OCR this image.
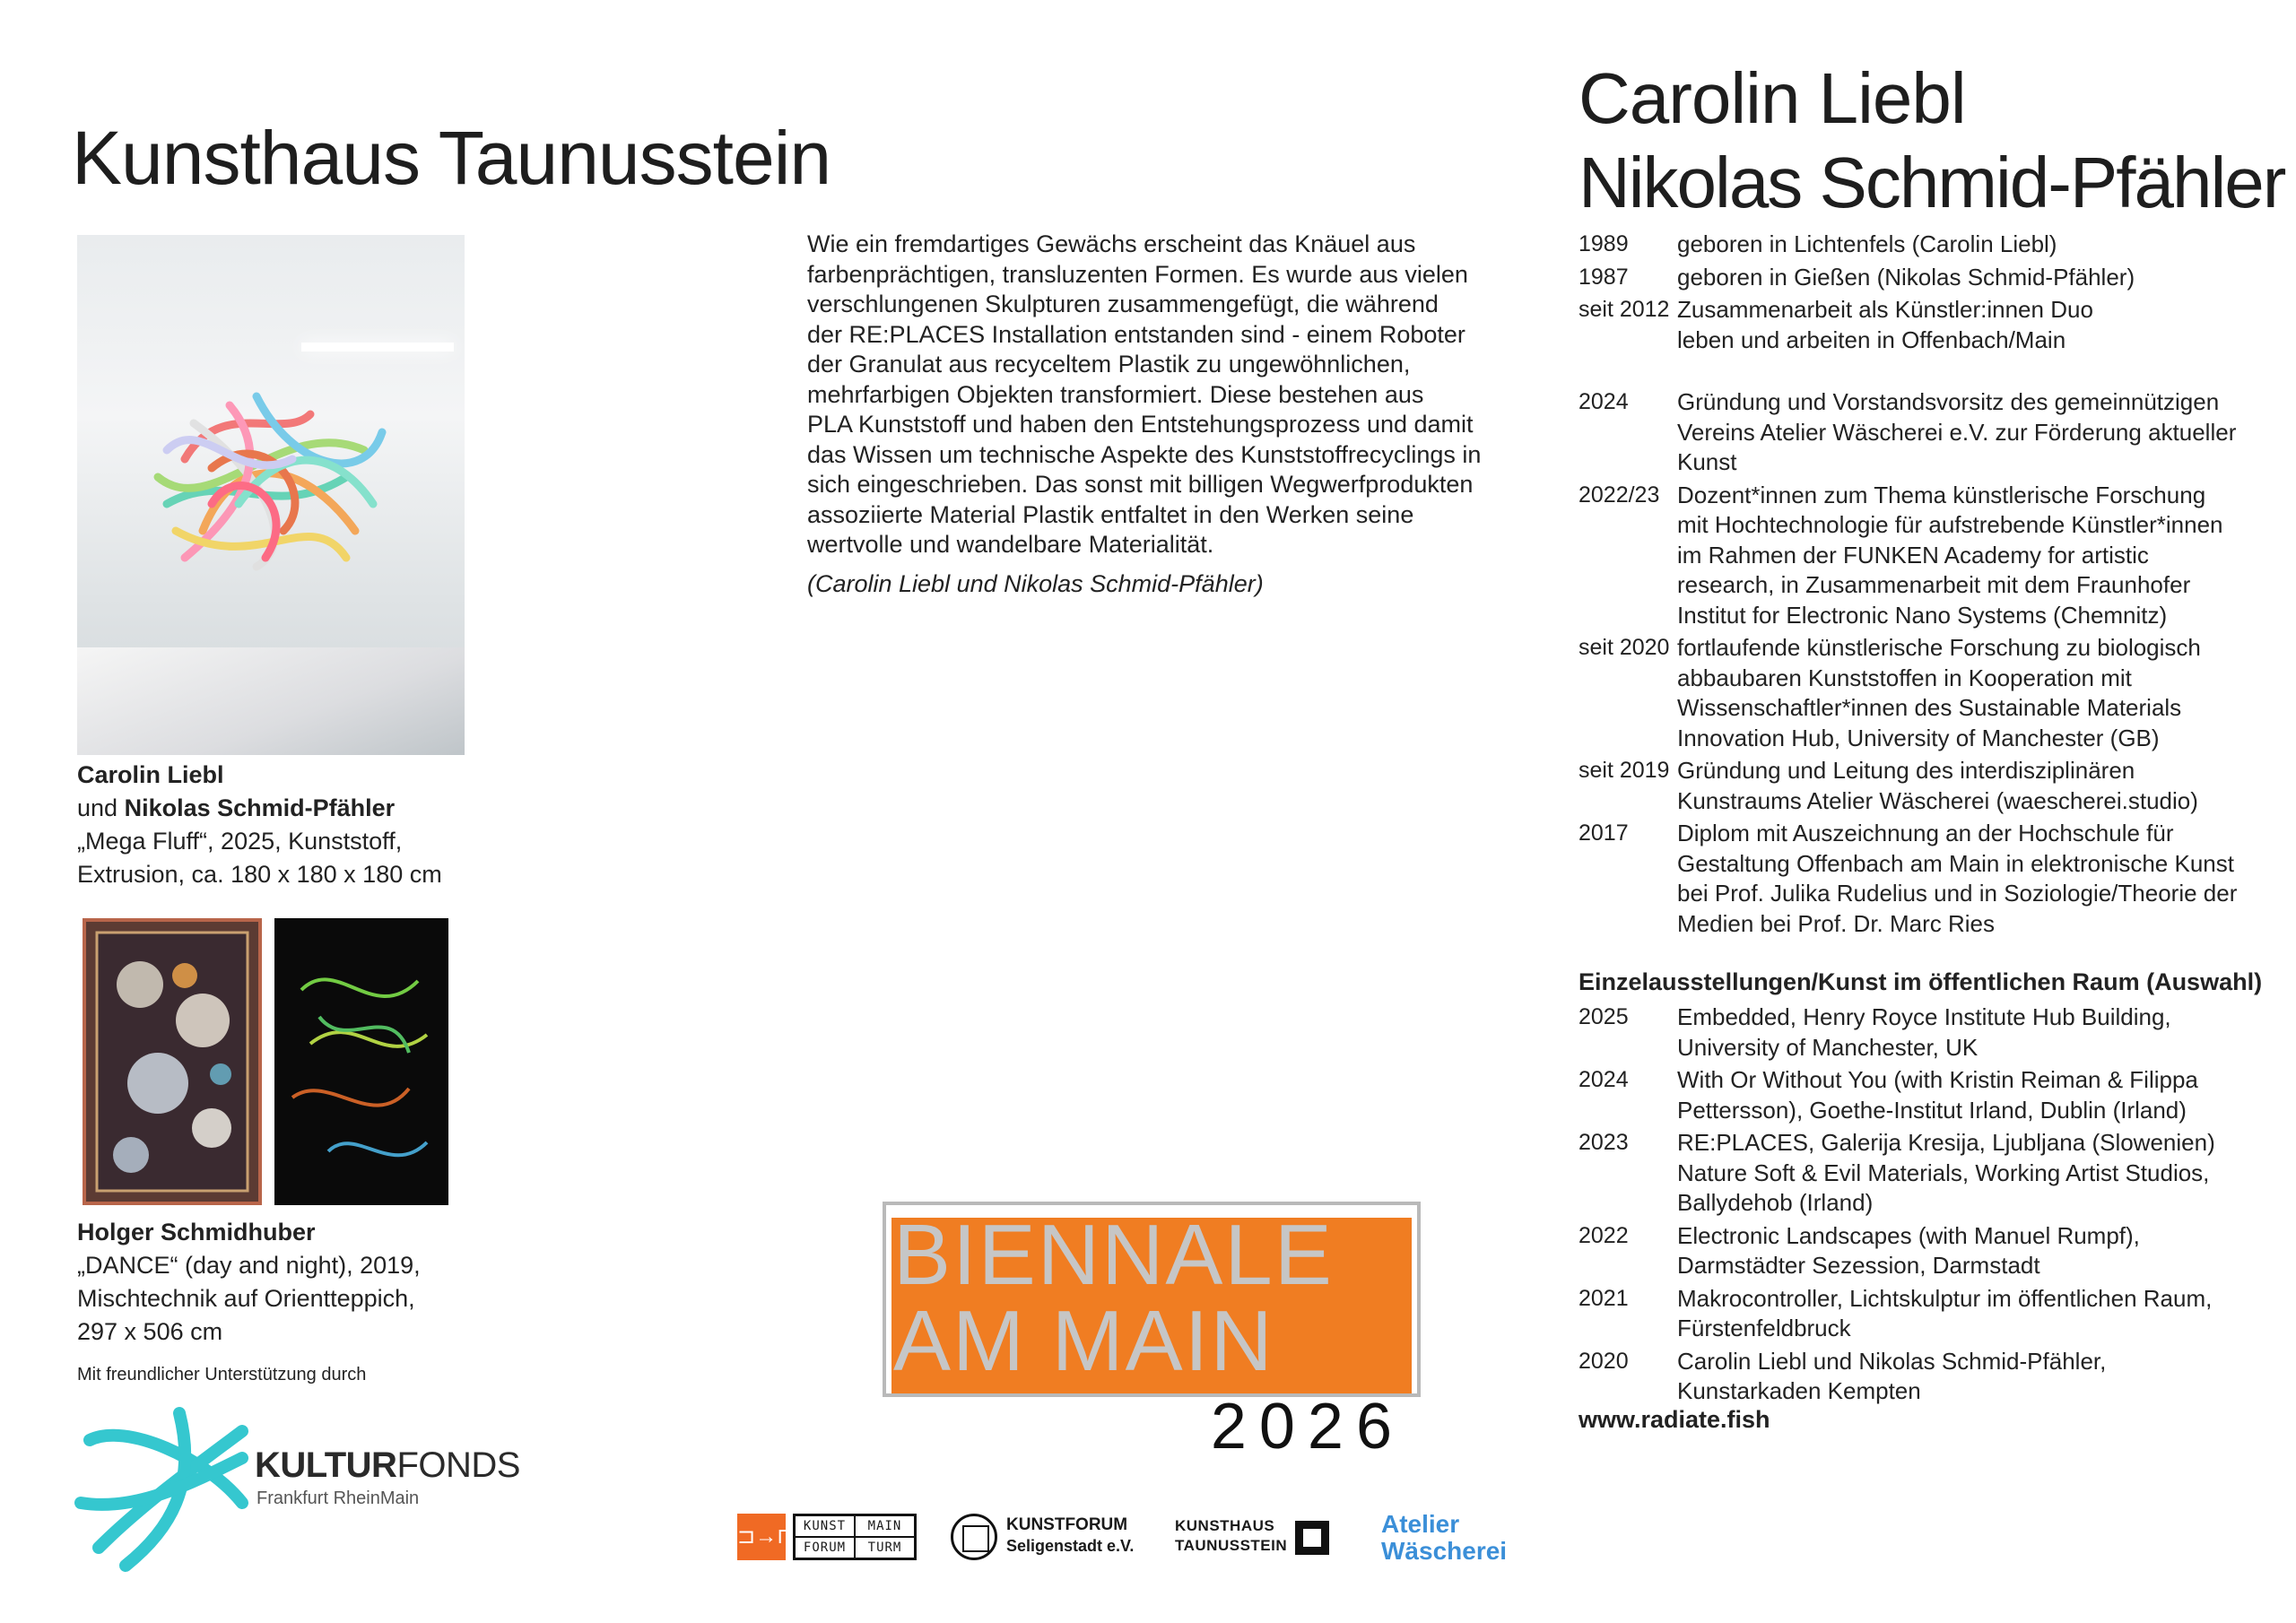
Kunsthaus Taunusstein
Carolin Liebl
und Nikolas Schmid-Pfähler
„Mega Fluff“, 2025, Kunststoff,
Extrusion, ca. 180 x 180 x 180 cm
Holger Schmidhuber
„DANCE“ (day and night), 2019,
Mischtechnik auf Orientteppich,
297 x 506 cm
Mit freundlicher Unterstützung durch
KULTURFONDS
Frankfurt RheinMain
Wie ein fremdartiges Gewächs erscheint das Knäuel aus
farbenprächtigen, transluzenten Formen. Es wurde aus vielen
verschlungenen Skulpturen zusammengefügt, die während
der RE:PLACES Installation entstanden sind - einem Roboter
der Granulat aus recyceltem Plastik zu ungewöhnlichen,
mehrfarbigen Objekten transformiert. Diese bestehen aus
PLA Kunststoff und haben den Entstehungsprozess und damit
das Wissen um technische Aspekte des Kunststoffrecyclings in
sich eingeschrieben. Das sonst mit billigen Wegwerfprodukten
assoziierte Material Plastik entfaltet in den Werken seine
wertvolle und wandelbare Materialität.
(Carolin Liebl und Nikolas Schmid-Pfähler)
BIENNALE
AM MAIN
2026
⊐→⊓ KUNST	MAIN
FORUM	TURM
KUNSTFORUM
Seligenstadt e.V.
KUNSTHAUS
TAUNUSSTEIN
Atelier
Wäscherei
Carolin Liebl
Nikolas Schmid-Pfähler
1989	geboren in Lichtenfels (Carolin Liebl)
1987	geboren in Gießen (Nikolas Schmid-Pfähler)
seit 2012 Zusammenarbeit als Künstler:innen Duo
leben und arbeiten in Offenbach/Main
2024	Gründung und Vorstandsvorsitz des gemeinnützigen
Vereins Atelier Wäscherei e.V. zur Förderung aktueller
Kunst
2022/23 Dozent*innen zum Thema künstlerische Forschung
mit Hochtechnologie für aufstrebende Künstler*innen
im Rahmen der FUNKEN Academy for artistic
research, in Zusammenarbeit mit dem Fraunhofer
Institut for Electronic Nano Systems (Chemnitz)
seit 2020 fortlaufende künstlerische Forschung zu biologisch
abbaubaren Kunststoffen in Kooperation mit
Wissenschaftler*innen des Sustainable Materials
Innovation Hub, University of Manchester (GB)
seit 2019 Gründung und Leitung des interdisziplinären
Kunstraums Atelier Wäscherei (waescherei.studio)
2017	Diplom mit Auszeichnung an der Hochschule für
Gestaltung Offenbach am Main in elektronische Kunst
bei Prof. Julika Rudelius und in Soziologie/Theorie der
Medien bei Prof. Dr. Marc Ries
Einzelausstellungen/Kunst im öffentlichen Raum (Auswahl)
2025	Embedded, Henry Royce Institute Hub Building,
University of Manchester, UK
2024	With Or Without You (with Kristin Reiman & Filippa
Pettersson), Goethe-Institut Irland, Dublin (Irland)
2023	RE:PLACES, Galerija Kresija, Ljubljana (Slowenien)
Nature Soft & Evil Materials, Working Artist Studios,
Ballydehob (Irland)
2022	Electronic Landscapes (with Manuel Rumpf),
Darmstädter Sezession, Darmstadt
2021	Makrocontroller, Lichtskulptur im öffentlichen Raum,
Fürstenfeldbruck
2020	Carolin Liebl und Nikolas Schmid-Pfähler,
Kunstarkaden Kempten
www.radiate.fish
